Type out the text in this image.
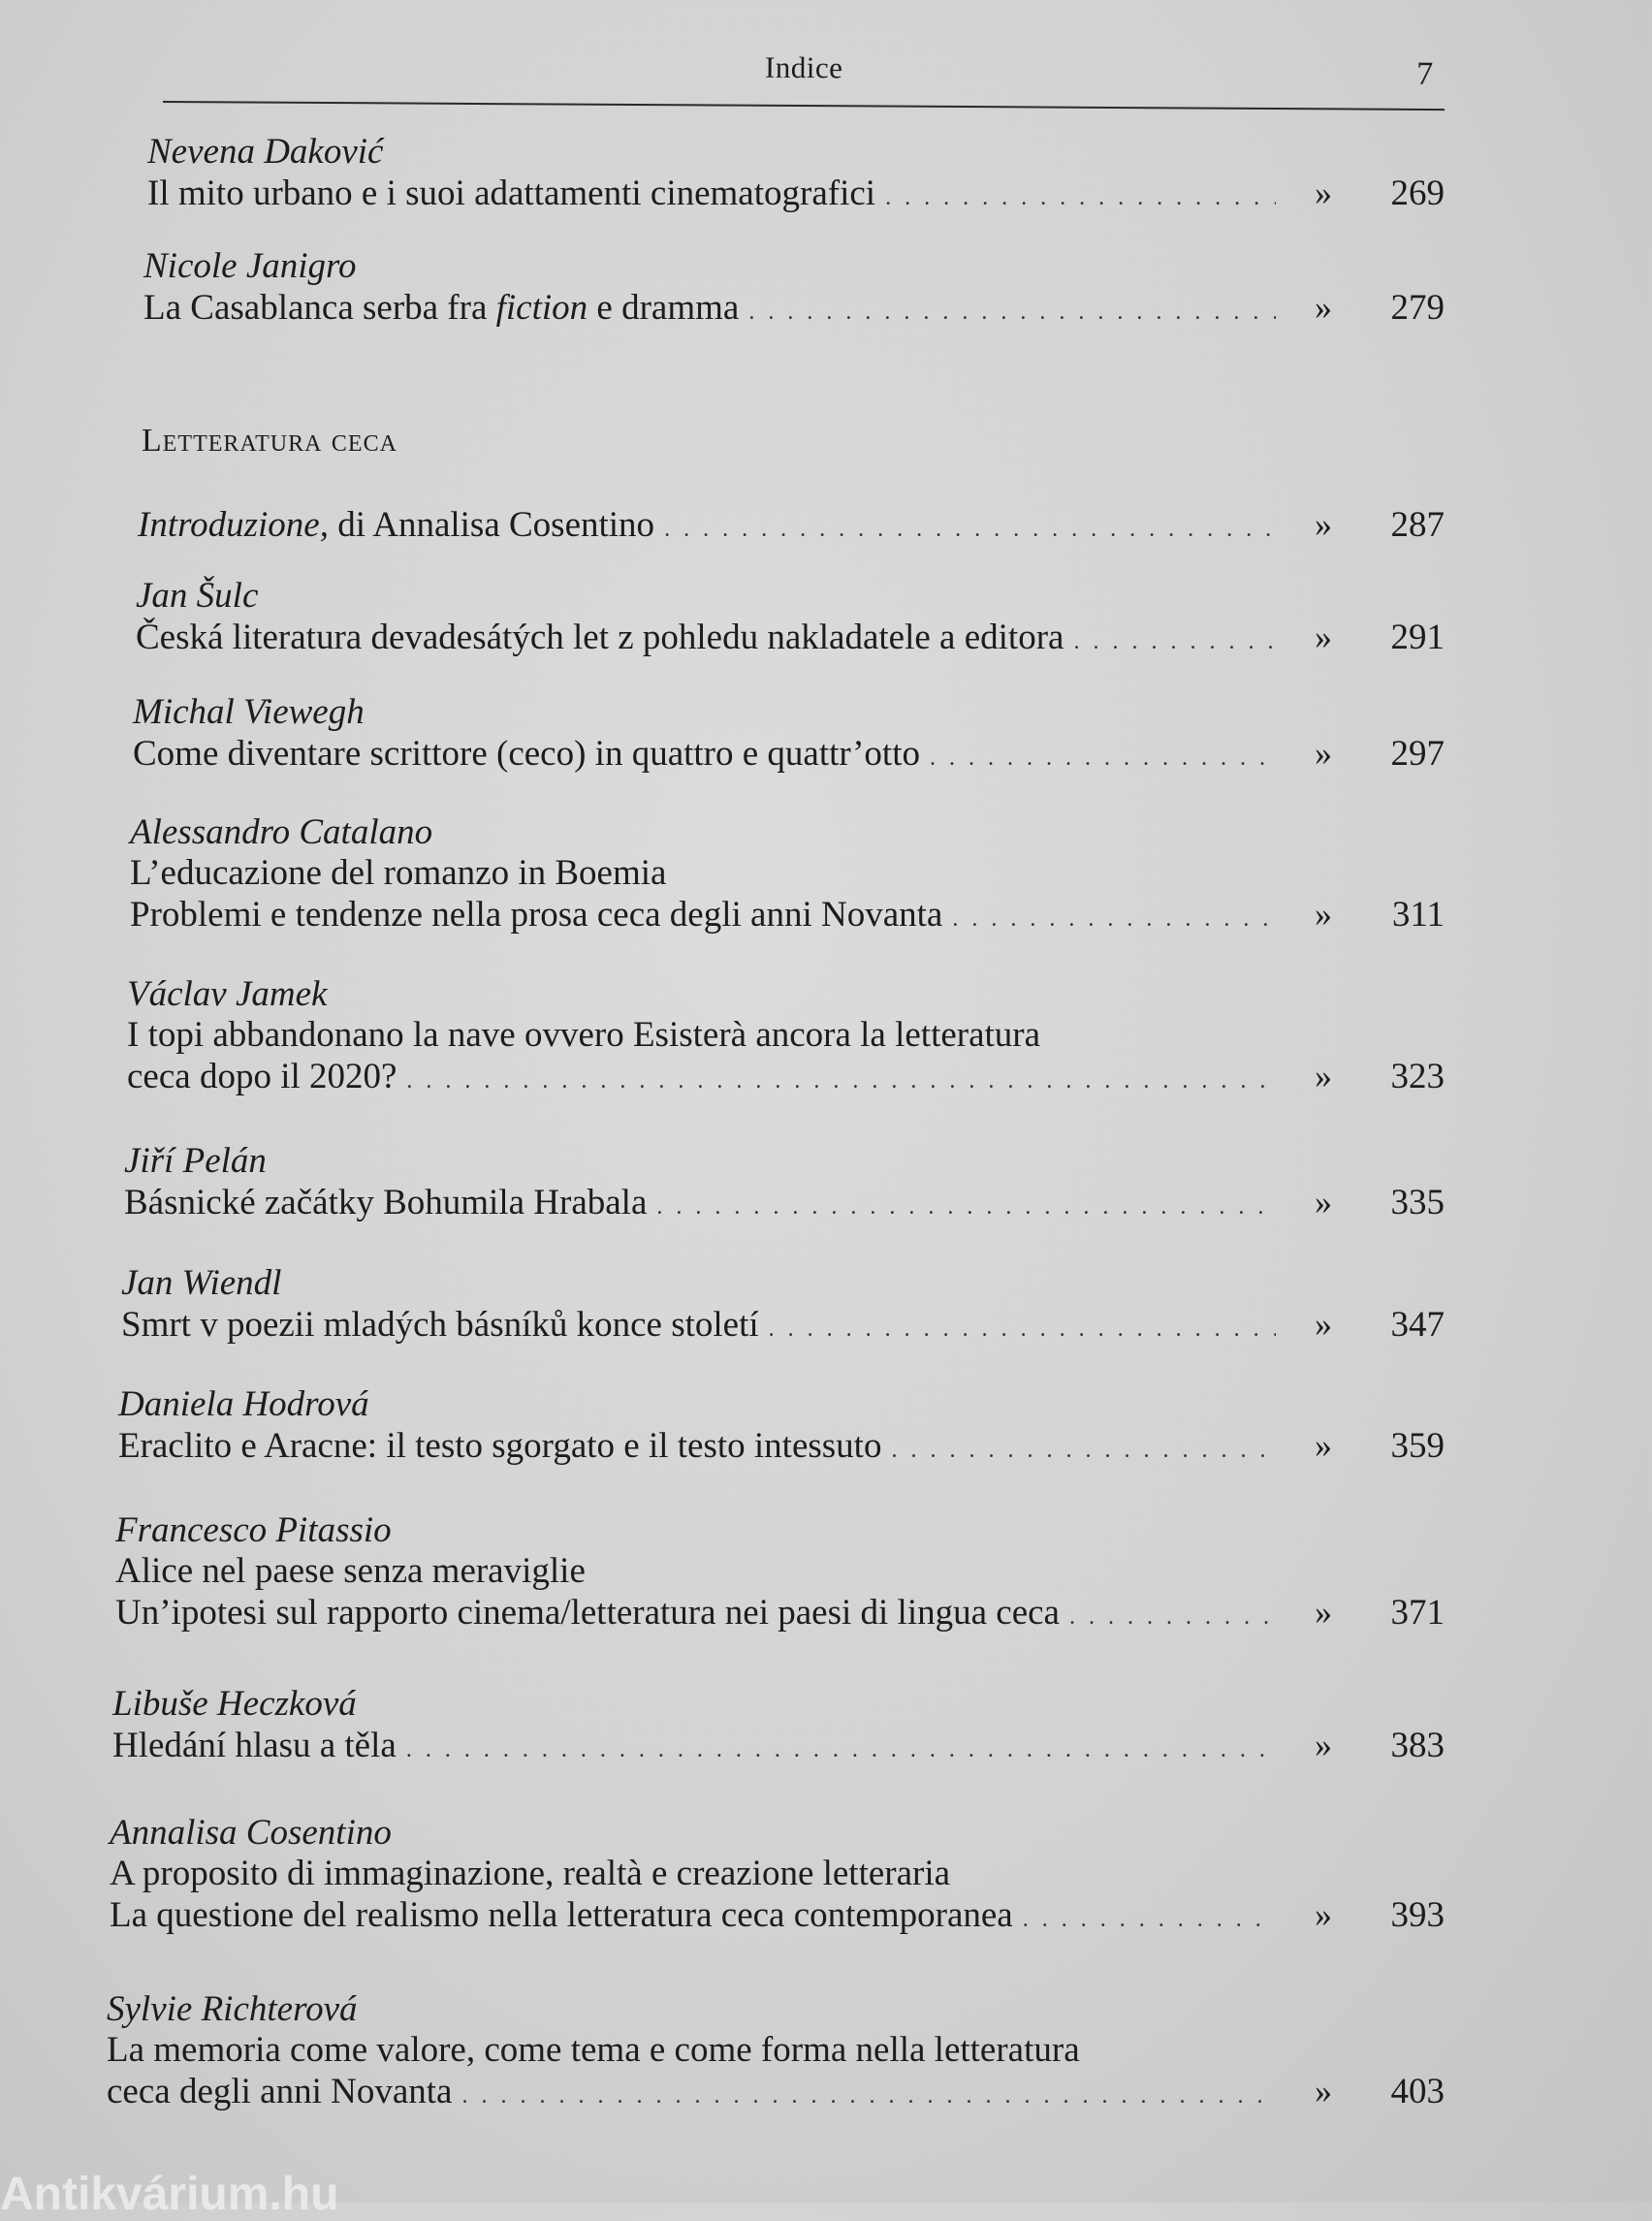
Indice	7
Letteratura ceca
Nevena Daković
Il mito urbano e i suoi adattamenti cinematografici . . .	»	269
Nicole Janigro
La Casablanca serba fra fiction e dramma . . .	»	279
Introduzione, di Annalisa Cosentino . . .	»	287
Jan Šulc
Česká literatura devadesátých let z pohledu nakladatele a editora . . .	»	291
Michal Viewegh
Come diventare scrittore (ceco) in quattro e quattr’otto . . .	»	297
Alessandro Catalano
L’educazione del romanzo in Boemia
Problemi e tendenze nella prosa ceca degli anni Novanta . . .	»	311
Václav Jamek
I topi abbandonano la nave ovvero Esisterà ancora la letteratura
ceca dopo il 2020? . . .	»	323
Jiří Pelán
Básnické začátky Bohumila Hrabala . . .	»	335
Jan Wiendl
Smrt v poezii mladých básníků konce století . . .	»	347
Daniela Hodrová
Eraclito e Aracne: il testo sgorgato e il testo intessuto . . .	»	359
Francesco Pitassio
Alice nel paese senza meraviglie
Un’ipotesi sul rapporto cinema/letteratura nei paesi di lingua ceca . . .	»	371
Libuše Heczková
Hledání hlasu a těla . . .	»	383
Annalisa Cosentino
A proposito di immaginazione, realtà e creazione letteraria
La questione del realismo nella letteratura ceca contemporanea . . .	»	393
Sylvie Richterová
La memoria come valore, come tema e come forma nella letteratura
ceca degli anni Novanta . . .	»	403
Antikvárium.hu
